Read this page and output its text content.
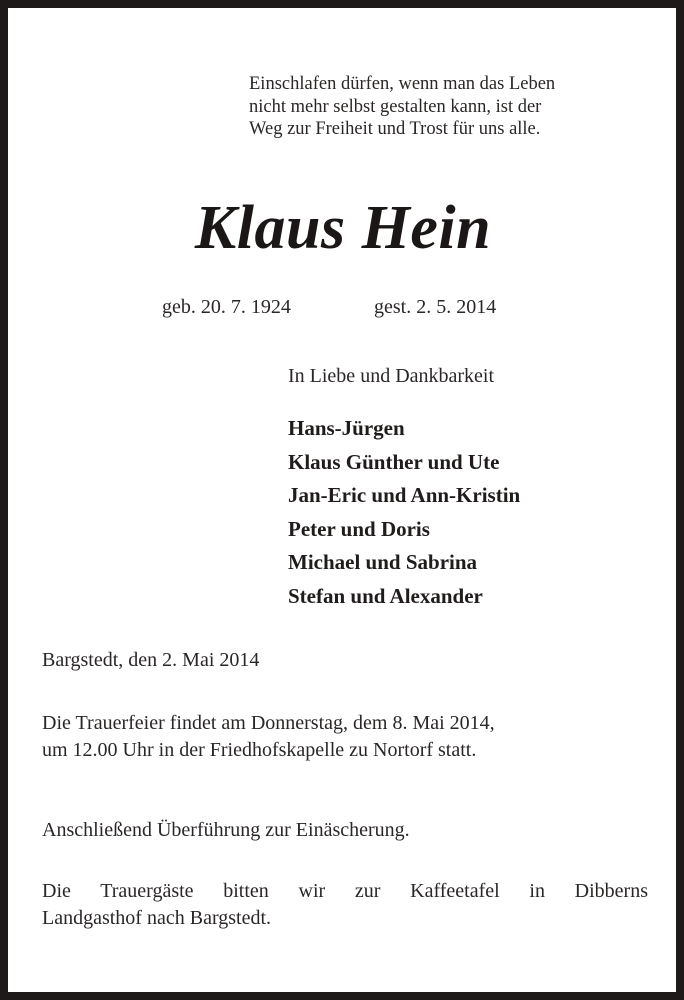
Einschlafen dürfen, wenn man das Leben
nicht mehr selbst gestalten kann, ist der
Weg zur Freiheit und Trost für uns alle.
Klaus Hein
geb. 20. 7. 1924	gest. 2. 5. 2014
In Liebe und Dankbarkeit
Hans-Jürgen
Klaus Günther und Ute
Jan-Eric und Ann-Kristin
Peter und Doris
Michael und Sabrina
Stefan und Alexander
Bargstedt, den 2. Mai 2014
Die Trauerfeier findet am Donnerstag, dem 8. Mai 2014,
um 12.00 Uhr in der Friedhofskapelle zu Nortorf statt.
Anschließend Überführung zur Einäscherung.
Die Trauergäste bitten wir zur Kaffeetafel in Dibberns
Landgasthof nach Bargstedt.
